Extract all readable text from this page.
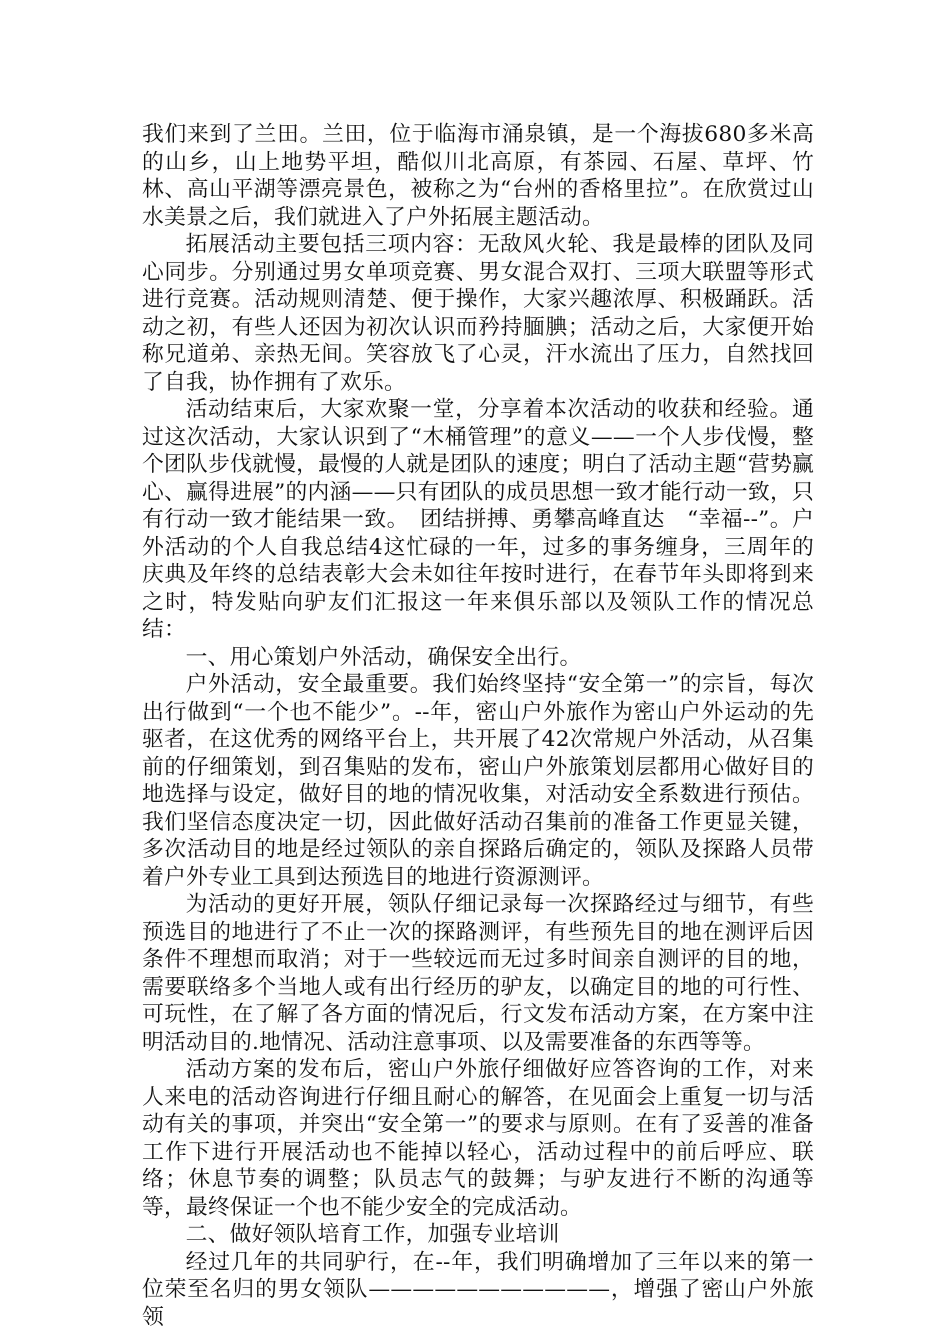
我们来到了兰田。兰田，位于临海市涌泉镇，是一个海拔680多米高的山乡，山上地势平坦，酷似川北高原，有茶园、石屋、草坪、竹林、高山平湖等漂亮景色，被称之为“台州的香格里拉”。在欣赏过山水美景之后，我们就进入了户外拓展主题活动。

拓展活动主要包括三项内容：无敌风火轮、我是最棒的团队及同心同步。分别通过男女单项竞赛、男女混合双打、三项大联盟等形式进行竞赛。活动规则清楚、便于操作，大家兴趣浓厚、积极踊跃。活动之初，有些人还因为初次认识而矜持腼腆；活动之后，大家便开始称兄道弟、亲热无间。笑容放飞了心灵，汗水流出了压力，自然找回了自我，协作拥有了欢乐。

活动结束后，大家欢聚一堂，分享着本次活动的收获和经验。通过这次活动，大家认识到了“木桶管理”的意义——一个人步伐慢，整个团队步伐就慢，最慢的人就是团队的速度；明白了活动主题“营势赢心、赢得进展”的内涵——只有团队的成员思想一致才能行动一致，只有行动一致才能结果一致。　团结拼搏、勇攀高峰直达　“幸福--”。户外活动的个人自我总结4这忙碌的一年，过多的事务缠身，三周年的庆典及年终的总结表彰大会未如往年按时进行，在春节年头即将到来之时，特发贴向驴友们汇报这一年来俱乐部以及领队工作的情况总结：

一、用心策划户外活动，确保安全出行。

户外活动，安全最重要。我们始终坚持“安全第一”的宗旨，每次出行做到“一个也不能少”。--年，密山户外旅作为密山户外运动的先驱者，在这优秀的网络平台上，共开展了42次常规户外活动，从召集前的仔细策划，到召集贴的发布，密山户外旅策划层都用心做好目的地选择与设定，做好目的地的情况收集，对活动安全系数进行预估。我们坚信态度决定一切，因此做好活动召集前的准备工作更显关键，多次活动目的地是经过领队的亲自探路后确定的，领队及探路人员带着户外专业工具到达预选目的地进行资源测评。

为活动的更好开展，领队仔细记录每一次探路经过与细节，有些预选目的地进行了不止一次的探路测评，有些预先目的地在测评后因条件不理想而取消；对于一些较远而无过多时间亲自测评的目的地，需要联络多个当地人或有出行经历的驴友，以确定目的地的可行性、可玩性，在了解了各方面的情况后，行文发布活动方案，在方案中注明活动目的.地情况、活动注意事项、以及需要准备的东西等等。

活动方案的发布后，密山户外旅仔细做好应答咨询的工作，对来人来电的活动咨询进行仔细且耐心的解答，在见面会上重复一切与活动有关的事项，并突出“安全第一”的要求与原则。在有了妥善的准备工作下进行开展活动也不能掉以轻心，活动过程中的前后呼应、联络；休息节奏的调整；队员志气的鼓舞；与驴友进行不断的沟通等等，最终保证一个也不能少安全的完成活动。

二、做好领队培育工作，加强专业培训

经过几年的共同驴行，在--年，我们明确增加了三年以来的第一位荣至名归的男女领队———————————，增强了密山户外旅领
